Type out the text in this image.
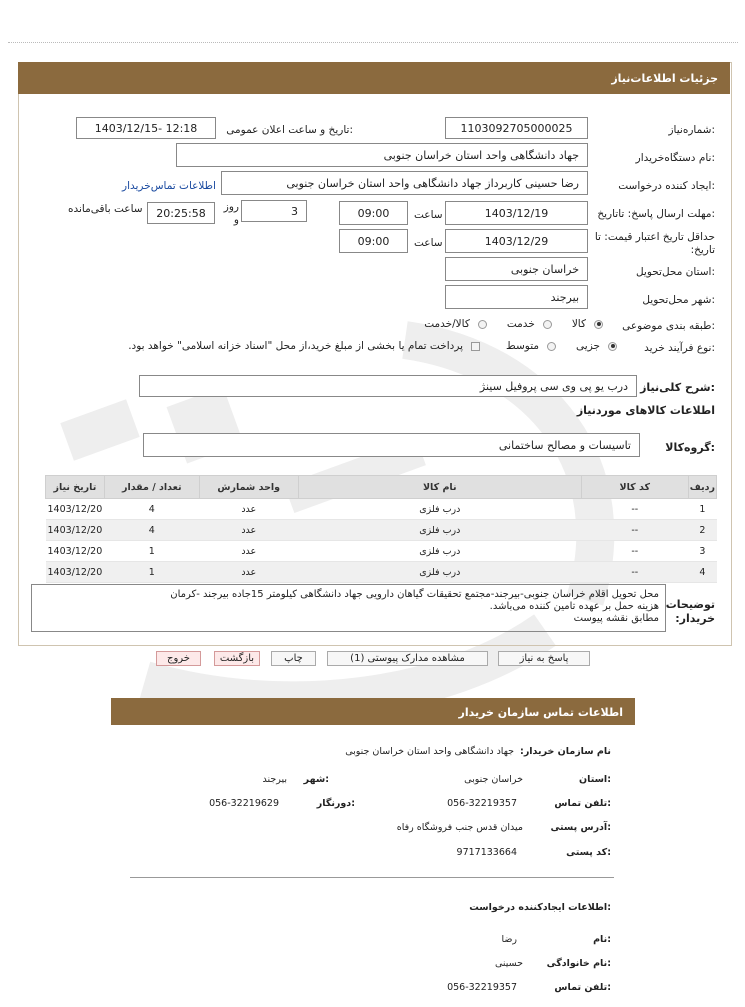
جزئیات اطلاعات‌نیاز
شماره‌نیاز:
1103092705000025
تاریخ و ساعت اعلان عمومی:
1403/12/15- 12:18
نام دستگاه‌خریدار:
جهاد دانشگاهی واحد استان خراسان جنوبی
ایجاد کننده درخواست:
رضا حسینی کاربرداز جهاد دانشگاهی واحد استان خراسان جنوبی
اطلاعات تماس‌خریدار
مهلت ارسال پاسخ: تاتاریخ:
1403/12/19
ساعت
09:00
3
روز و
20:25:58
ساعت باقی‌مانده
حداقل تاریخ اعتبار قیمت: تا تاریخ:
1403/12/29
ساعت
09:00
استان محل‌تحویل:
خراسان جنوبی
شهر محل‌تحویل:
بیرجند
طبقه بندی موضوعی:
کالا
خدمت
کالا/خدمت
نوع فرآیند خرید:
جزیی
متوسط
پرداخت تمام یا بخشی از مبلغ خرید،از محل "اسناد خزانه اسلامی" خواهد بود.
شرح کلی‌نیاز:
درب یو پی وی سی پروفیل سینژ
اطلاعات کالاهای موردنیاز
گروه‌کالا:
تاسیسات و مصالح ساختمانی
ردیف	کد کالا	نام کالا	واحد شمارش	تعداد / مقدار	تاریخ نیاز
1	--	درب فلزی	عدد	4	1403/12/20
2	--	درب فلزی	عدد	4	1403/12/20
3	--	درب فلزی	عدد	1	1403/12/20
4	--	درب فلزی	عدد	1	1403/12/20
توضیحات خریدار:
محل تحویل اقلام خراسان جنوبی-بیرجند-مجتمع تحقیقات گیاهان دارویی جهاد دانشگاهی کیلومتر 15جاده بیرجند -کرمان
هزینه حمل بر عهده تامین کننده می‌باشد.
مطابق نقشه پیوست
پاسخ به نیاز
مشاهده مدارک پیوستی (1)
چاپ
بازگشت
خروج
اطلاعات تماس سازمان خریدار
نام سازمان خریدار:  جهاد دانشگاهی واحد استان خراسان جنوبی
استان:
خراسان جنوبی
شهر:
بیرجند
تلفن تماس:
056-32219357
دورنگار:
056-32219629
آدرس پستی:
میدان قدس جنب فروشگاه رفاه
کد پستی:
9717133664
اطلاعات ایجادکننده درخواست:
نام:
رضا
نام خانوادگی:
حسینی
تلفن تماس:
056-32219357
